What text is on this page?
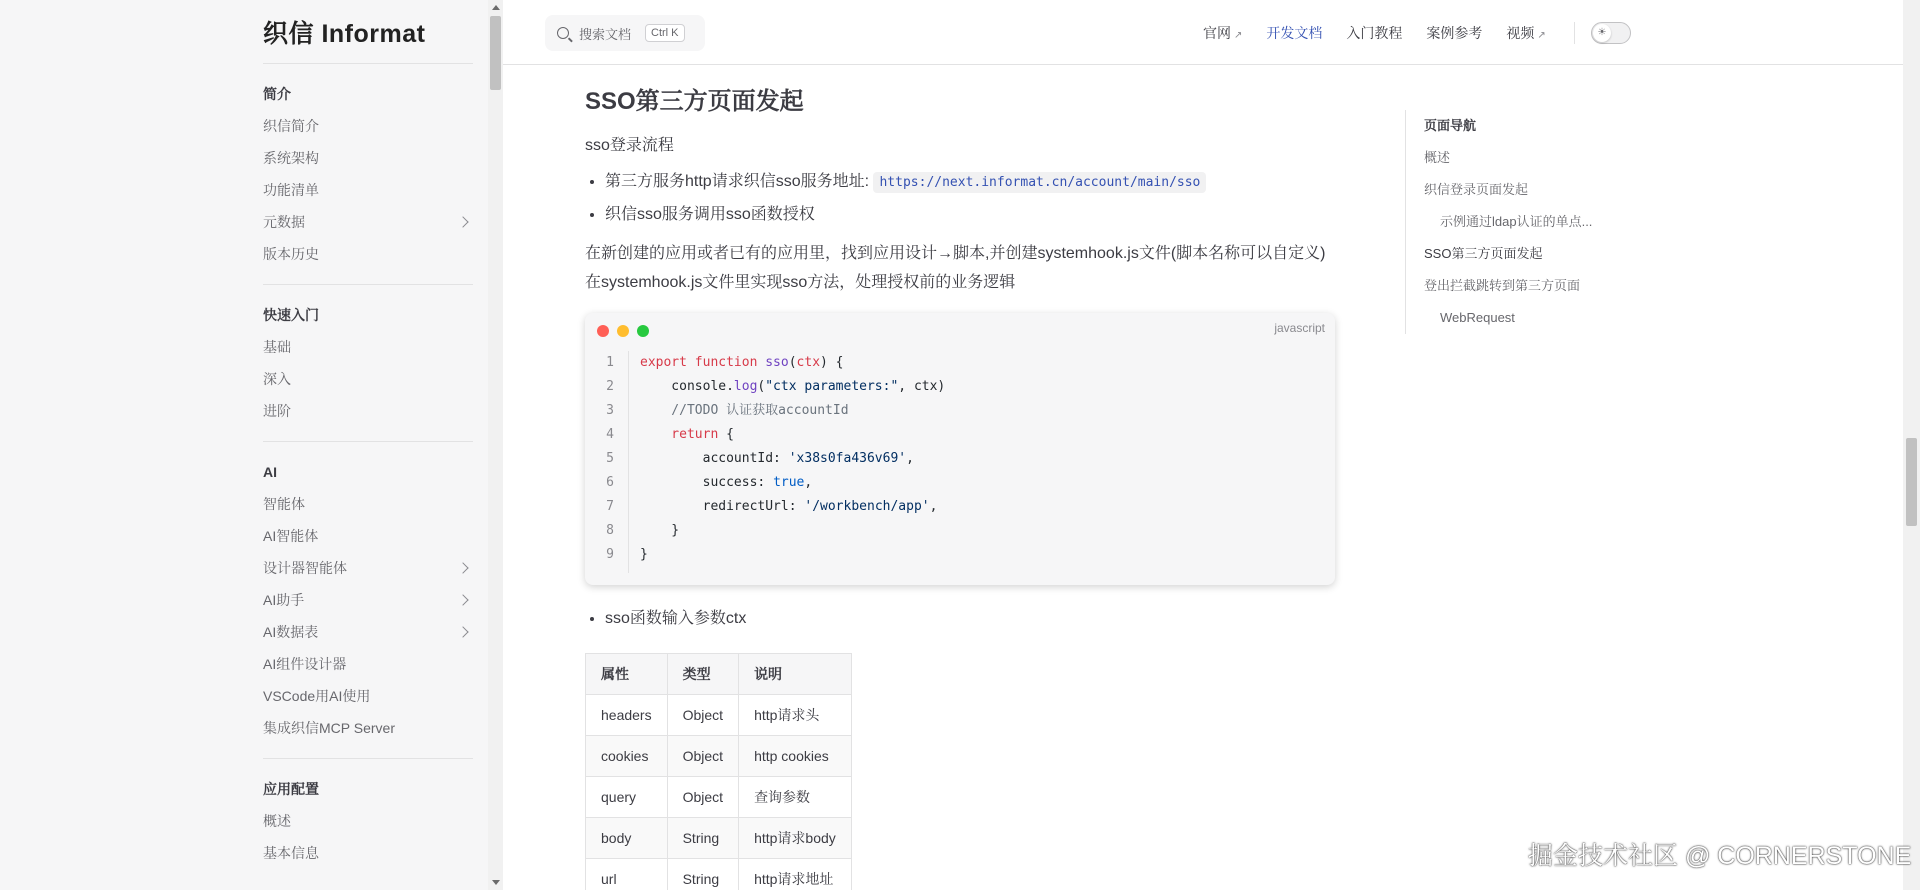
织信 Informat
简介
织信简介
系统架构
功能清单
元数据
版本历史
快速入门
基础
深入
进阶
AI
智能体
AI智能体
设计器智能体
AI助手
AI数据表
AI组件设计器
VSCode用AI使用
集成织信MCP Server
应用配置
概述
基本信息
搜索文档	Ctrl K	官网 ↗ 开发文档 入门教程 案例参考 视频 ↗	☀
SSO第三方页面发起

sso登录流程

• 第三方服务http请求织信sso服务地址: https://next.informat.cn/account/main/sso
• 织信sso服务调用sso函数授权
在新创建的应用或者已有的应用里，找到应用设计→脚本,并创建systemhook.js文件(脚本名称可以自定义)
在systemhook.js文件里实现sso方法，处理授权前的业务逻辑
javascript
1
2
3
4
5
6
7
8
9
export function sso(ctx) {
console.log("ctx parameters:", ctx)
//TODO 认证获取accountId
return {
accountId: 'x38s0fa436v69',
success: true,
redirectUrl: '/workbench/app',
}
}
• sso函数输入参数ctx
属性	类型	说明
headers	Object	http请求头
cookies	Object	http cookies
query	Object	查询参数
body	String	http请求body
url	String	http请求地址
页面导航
概述
织信登录页面发起
示例通过ldap认证的单点...
SSO第三方页面发起
登出拦截跳转到第三方页面
WebRequest
掘金技术社区 @ CORNERSTONE
